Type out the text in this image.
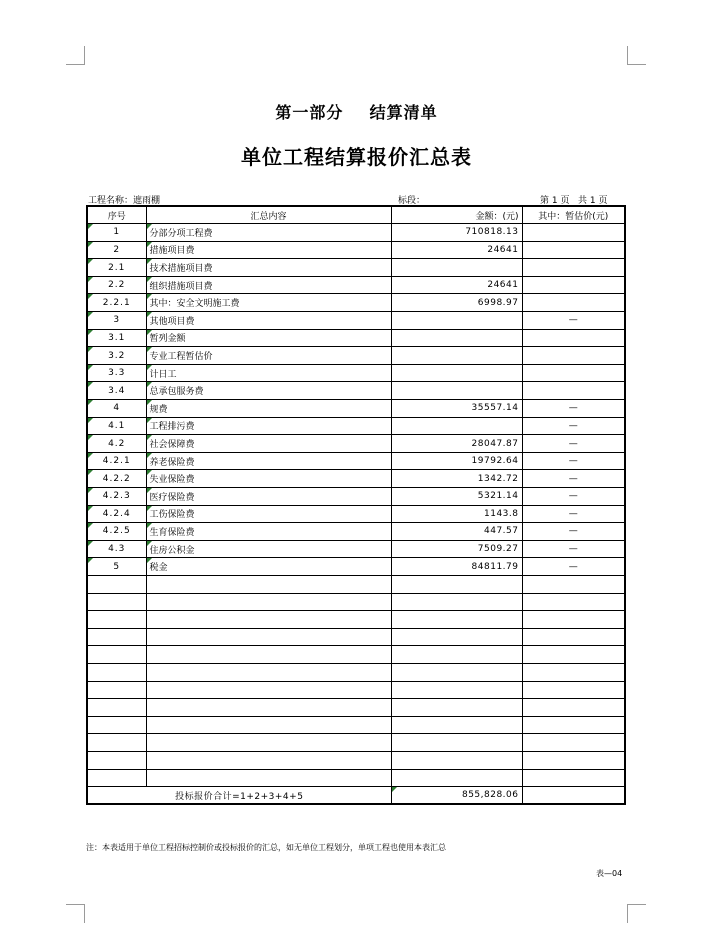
第一部分    结算清单
单位工程结算报价汇总表
工程名称：遮雨棚	标段：	第 1 页   共 1 页
序号	汇总内容	金额：(元)	其中：暂估价(元)
1	分部分项工程费	710818.13	
2	措施项目费	24641	
2.1	技术措施项目费		
2.2	组织措施项目费	24641	
2.2.1	其中：安全文明施工费	6998.97	
3	其他项目费		—
3.1	暂列金额		
3.2	专业工程暂估价		
3.3	计日工		
3.4	总承包服务费		
4	规费	35557.14	—
4.1	工程排污费		—
4.2	社会保障费	28047.87	—
4.2.1	养老保险费	19792.64	—
4.2.2	失业保险费	1342.72	—
4.2.3	医疗保险费	5321.14	—
4.2.4	工伤保险费	1143.8	—
4.2.5	生育保险费	447.57	—
4.3	住房公积金	7509.27	—
5	税金	84811.79	—

投标报价合计=1+2+3+4+5		855,828.06	
注：本表适用于单位工程招标控制价或投标报价的汇总，如无单位工程划分，单项工程也使用本表汇总
表—04
